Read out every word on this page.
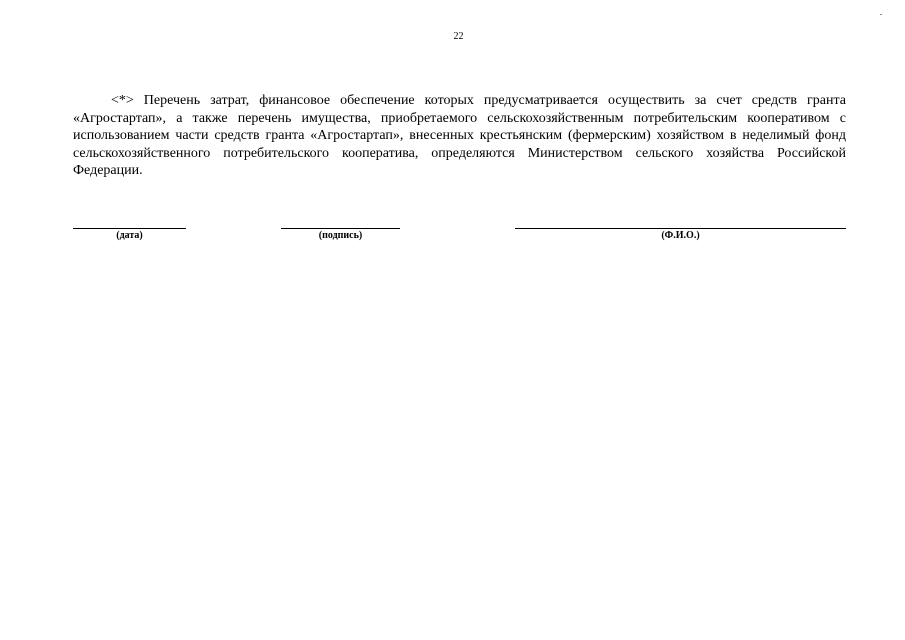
22

<*> Перечень затрат, финансовое обеспечение которых предусматривается осуществить за счет средств гранта «Агростартап», а также перечень имущества, приобретаемого сельскохозяйственным потребительским кооперативом с использованием части средств гранта «Агростартап», внесенных крестьянским (фермерским) хозяйством в неделимый фонд сельскохозяйственного потребительского кооператива, определяются Министерством сельского хозяйства Российской Федерации.

(дата)	(подпись)	(Ф.И.О.)
